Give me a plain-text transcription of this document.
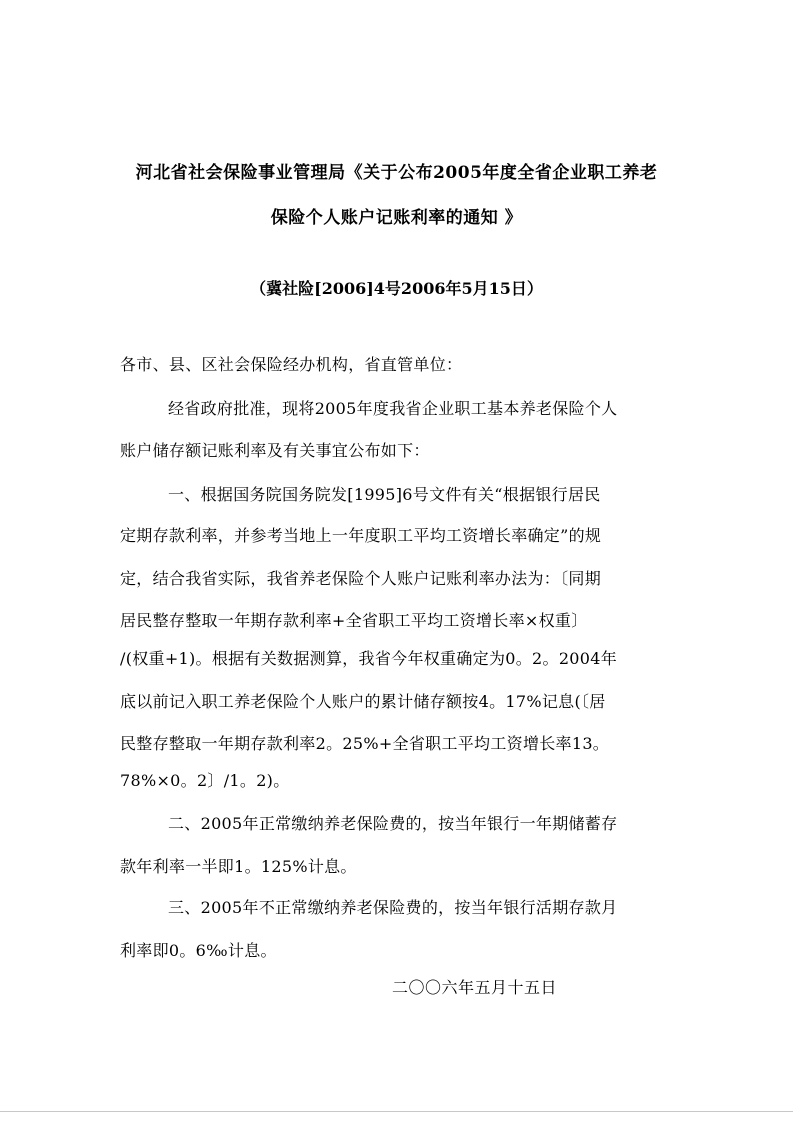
河北省社会保险事业管理局《关于公布2005年度全省企业职工养老
保险个人账户记账利率的通知 》
（冀社险[2006]4号2006年5月15日）
各市、县、区社会保险经办机构，省直管单位：
经省政府批准，现将2005年度我省企业职工基本养老保险个人
账户储存额记账利率及有关事宜公布如下：
一、根据国务院国务院发[1995]6号文件有关“根据银行居民
定期存款利率，并参考当地上一年度职工平均工资增长率确定”的规
定，结合我省实际，我省养老保险个人账户记账利率办法为：〔同期
居民整存整取一年期存款利率+全省职工平均工资增长率×权重〕
/(权重+1)。根据有关数据测算，我省今年权重确定为0。2。2004年
底以前记入职工养老保险个人账户的累计储存额按4。17%记息(〔居
民整存整取一年期存款利率2。25%+全省职工平均工资增长率13。
78%×0。2〕/1。2)。
二、2005年正常缴纳养老保险费的，按当年银行一年期储蓄存
款年利率一半即1。125%计息。
三、2005年不正常缴纳养老保险费的，按当年银行活期存款月
利率即0。6‰计息。
二〇〇六年五月十五日
